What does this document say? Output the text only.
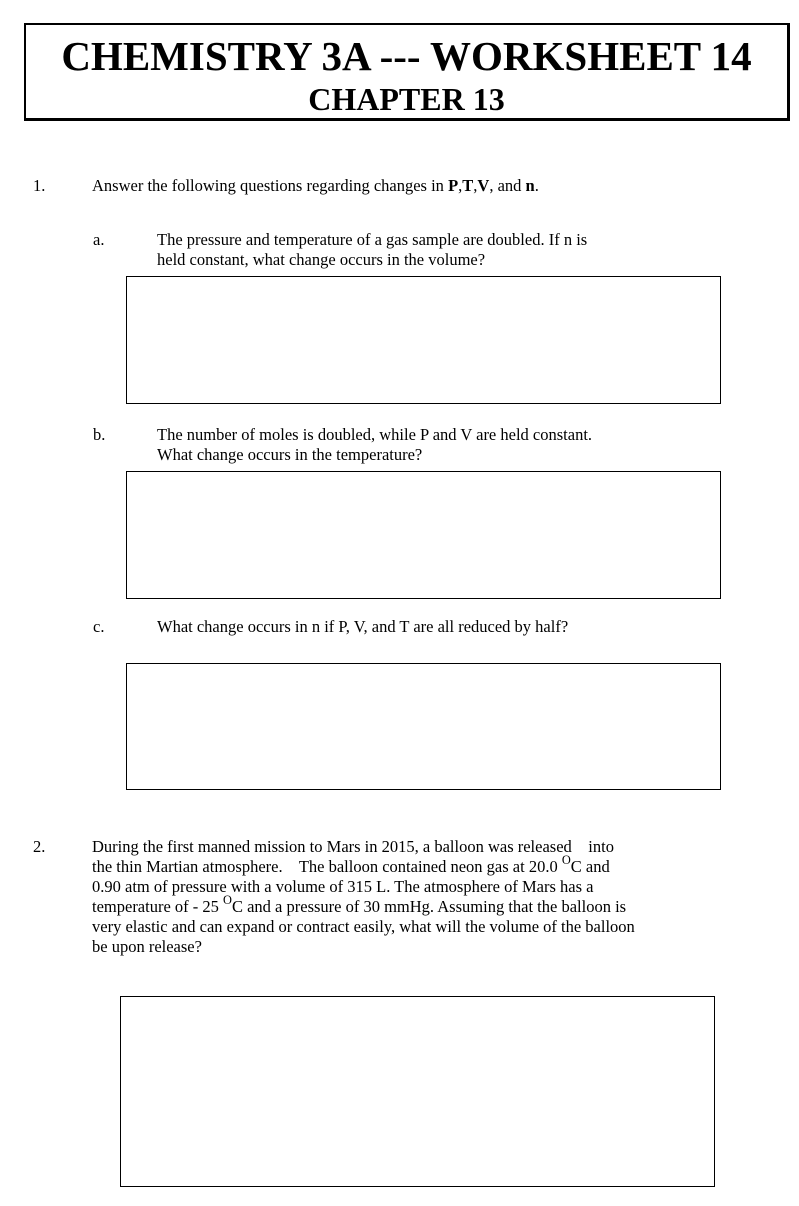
CHEMISTRY 3A --- WORKSHEET 14
CHAPTER 13
1.	Answer the following questions regarding changes in P,T,V, and n.
a.	The pressure and temperature of a gas sample are doubled. If n is
held constant, what change occurs in the volume?
b.	The number of moles is doubled, while P and V are held constant.
What change occurs in the temperature?
c.	What change occurs in n if P, V, and T are all reduced by half?
2.	During the first manned mission to Mars in 2015, a balloon was released    into
the thin Martian atmosphere.    The balloon contained neon gas at 20.0 $^O$C and
0.90 atm of pressure with a volume of 315 L. The atmosphere of Mars has a
temperature of - 25 $^O$C and a pressure of 30 mmHg. Assuming that the balloon is
very elastic and can expand or contract easily, what will the volume of the balloon
be upon release?
